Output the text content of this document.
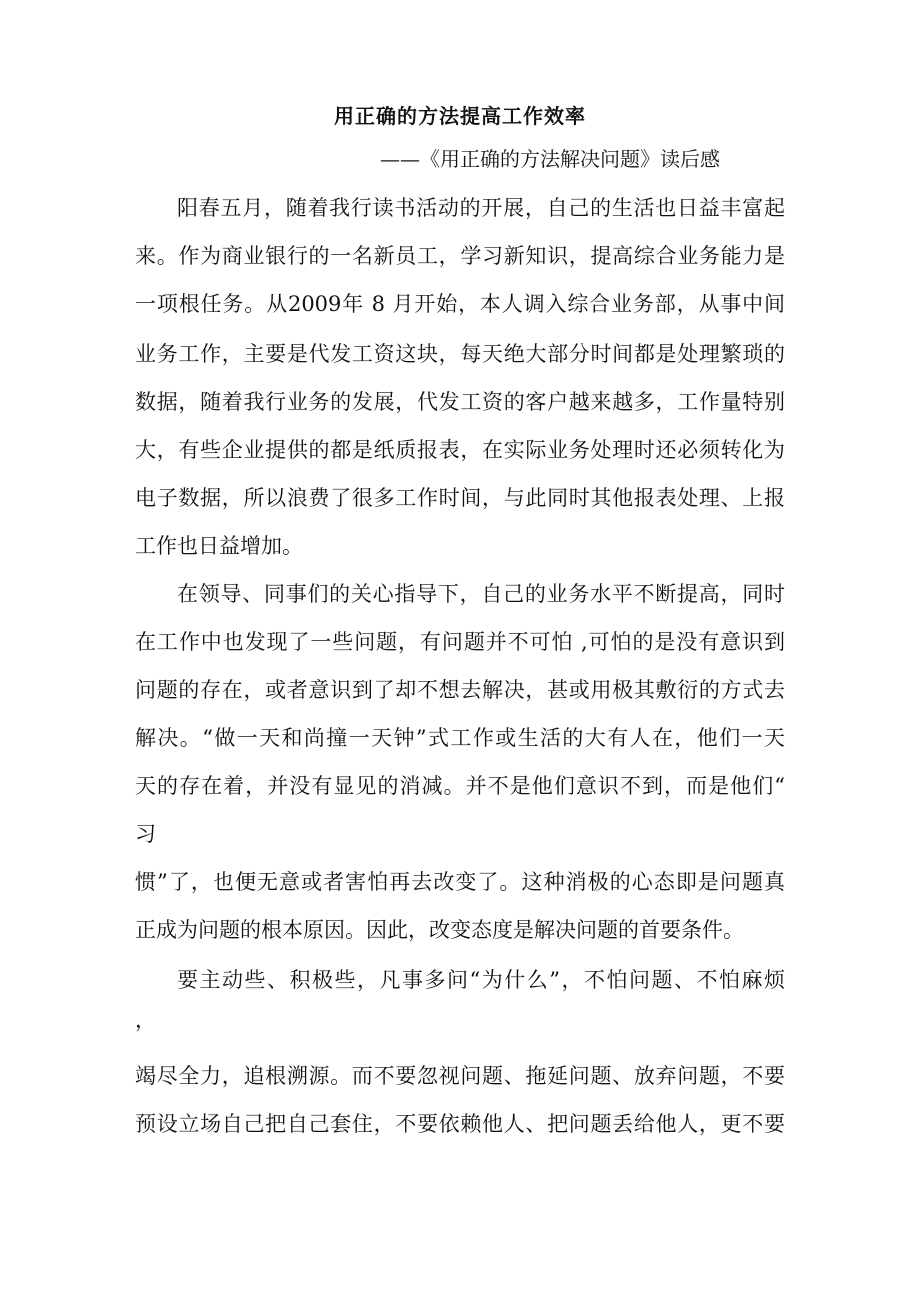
用正确的方法提高工作效率
——《用正确的方法解决问题》读后感
阳春五月，随着我行读书活动的开展，自己的生活也日益丰富起
来。作为商业银行的一名新员工，学习新知识，提高综合业务能力是
一项根任务。从2009年 8 月开始，本人调入综合业务部，从事中间
业务工作，主要是代发工资这块，每天绝大部分时间都是处理繁琐的
数据，随着我行业务的发展，代发工资的客户越来越多，工作量特别
大，有些企业提供的都是纸质报表，在实际业务处理时还必须转化为
电子数据，所以浪费了很多工作时间，与此同时其他报表处理、上报
工作也日益增加。
在领导、同事们的关心指导下，自己的业务水平不断提高，同时
在工作中也发现了一些问题，有问题并不可怕 ,可怕的是没有意识到
问题的存在，或者意识到了却不想去解决，甚或用极其敷衍的方式去
解决。“做一天和尚撞一天钟”式工作或生活的大有人在，他们一天
天的存在着，并没有显见的消减。并不是他们意识不到，而是他们“
习
惯”了，也便无意或者害怕再去改变了。这种消极的心态即是问题真
正成为问题的根本原因。因此，改变态度是解决问题的首要条件。
要主动些、积极些，凡事多问“为什么”，不怕问题、不怕麻烦
，
竭尽全力，追根溯源。而不要忽视问题、拖延问题、放弃问题，不要
预设立场自己把自己套住，不要依赖他人、把问题丢给他人，更不要
